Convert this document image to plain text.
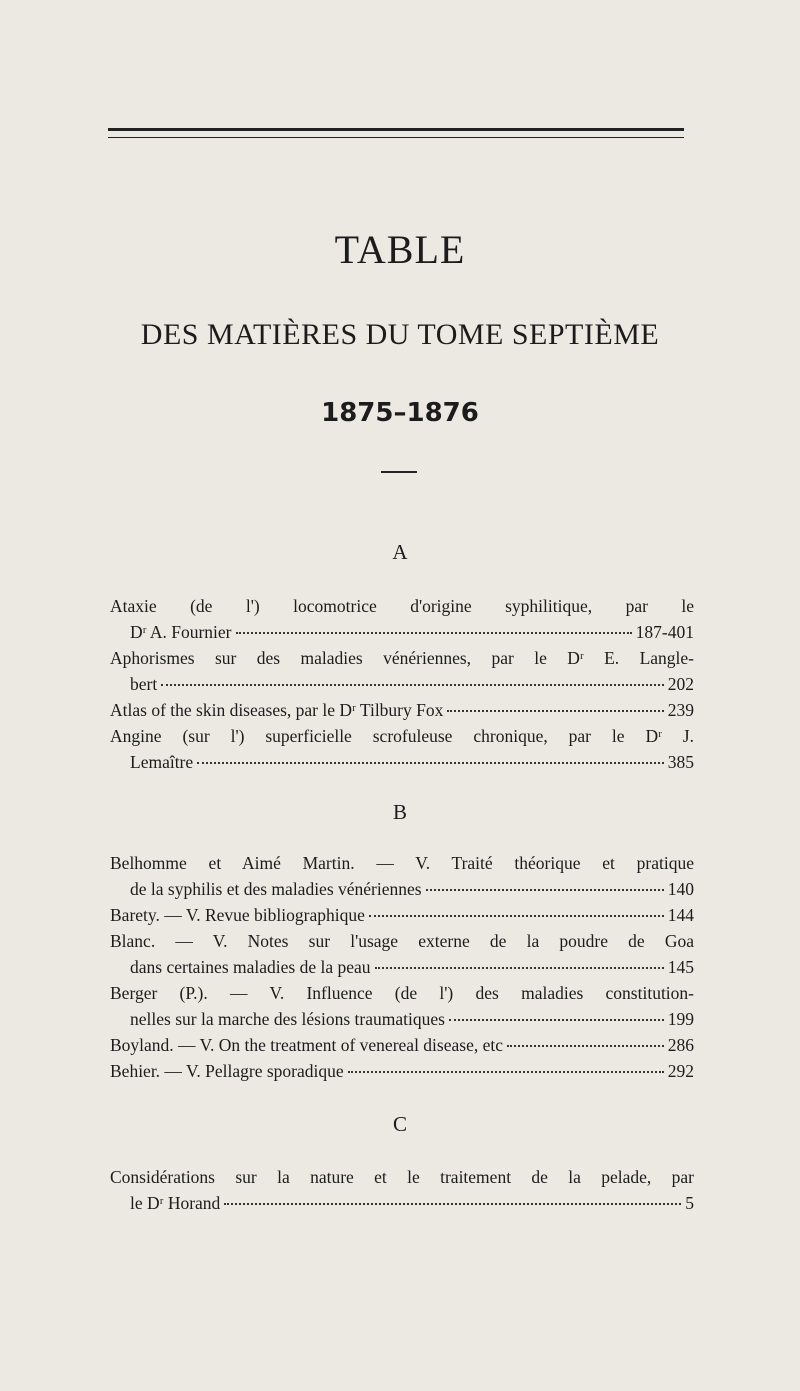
TABLE
DES MATIÈRES DU TOME SEPTIÈME
1875–1876
A
Ataxie (de l') locomotrice d'origine syphilitique, par le
Dʳ A. Fournier	187-401
Aphorismes sur des maladies vénériennes, par le Dʳ E. Langle-
bert	202
Atlas of the skin diseases, par le Dʳ Tilbury Fox	239
Angine (sur l') superficielle scrofuleuse chronique, par le Dʳ J.
Lemaître	385
B
Belhomme et Aimé Martin. — V. Traité théorique et pratique
de la syphilis et des maladies vénériennes	140
Barety. — V. Revue bibliographique	144
Blanc. — V. Notes sur l'usage externe de la poudre de Goa
dans certaines maladies de la peau	145
Berger (P.). — V. Influence (de l') des maladies constitution-
nelles sur la marche des lésions traumatiques	199
Boyland. — V. On the treatment of venereal disease, etc	286
Behier. — V. Pellagre sporadique	292
C
Considérations sur la nature et le traitement de la pelade, par
le Dʳ Horand	5
